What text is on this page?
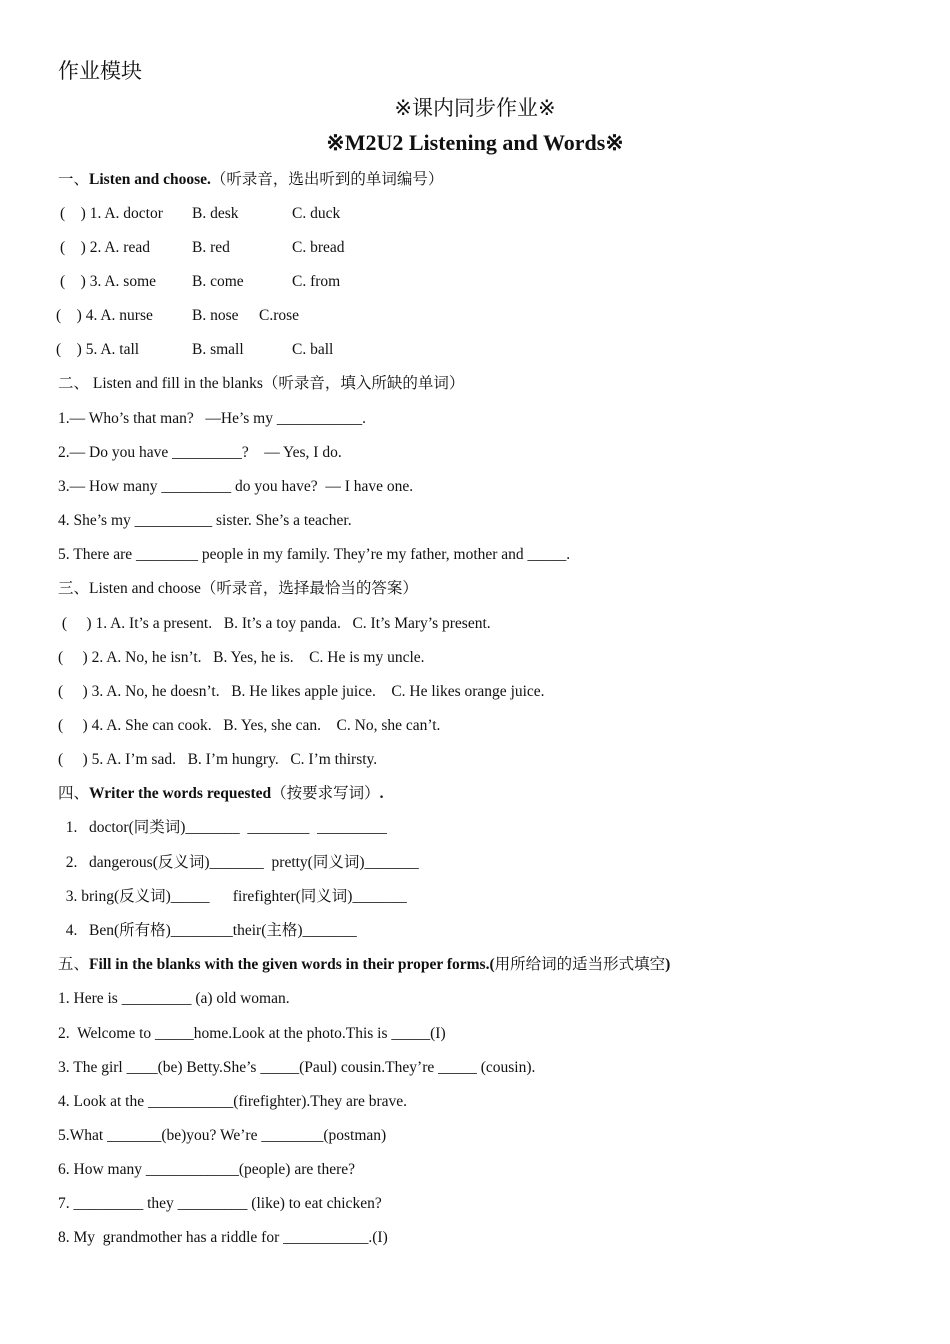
作业模块
※课内同步作业※
※M2U2 Listening and Words※
一、Listen and choose.（听录音，选出听到的单词编号）
(    ) 1. A. doctor B. desk	C. duck
(    ) 2. A. read	B. red	C. bread
(    ) 3. A. some B. come	C. from
(    ) 4. A. nurse	B. nose C.rose
(    ) 5. A. tall	B. small	C. ball
二、 Listen and fill in the blanks（听录音，填入所缺的单词）
1.— Who’s that man?   —He’s my ___________.
2.— Do you have _________?    — Yes, I do.
3.— How many _________ do you have?  — I have one.
4. She’s my __________ sister. She’s a teacher.
5. There are ________ people in my family. They’re my father, mother and _____.
三、Listen and choose（听录音，选择最恰当的答案）
(     ) 1. A. It’s a present.   B. It’s a toy panda.   C. It’s Mary’s present.
(     ) 2. A. No, he isn’t.   B. Yes, he is.    C. He is my uncle.
(     ) 3. A. No, he doesn’t.   B. He likes apple juice.    C. He likes orange juice.
(     ) 4. A. She can cook.   B. Yes, she can.    C. No, she can’t.
(     ) 5. A. I’m sad.   B. I’m hungry.   C. I’m thirsty.
四、Writer the words requested（按要求写词）.
1.   doctor(同类词)_______  ________  _________
2.   dangerous(反义词)_______  pretty(同义词)_______
3. bring(反义词)_____      firefighter(同义词)_______
4.   Ben(所有格)________their(主格)_______
五、Fill in the blanks with the given words in their proper forms.(用所给词的适当形式填空)
1. Here is _________ (a) old woman.
2.  Welcome to _____home.Look at the photo.This is _____(I)
3. The girl ____(be) Betty.She’s _____(Paul) cousin.They’re _____ (cousin).
4. Look at the ___________(firefighter).They are brave.
5.What _______(be)you? We’re ________(postman)
6. How many ____________(people) are there?
7. _________ they _________ (like) to eat chicken?
8. My  grandmother has a riddle for ___________.(I)
